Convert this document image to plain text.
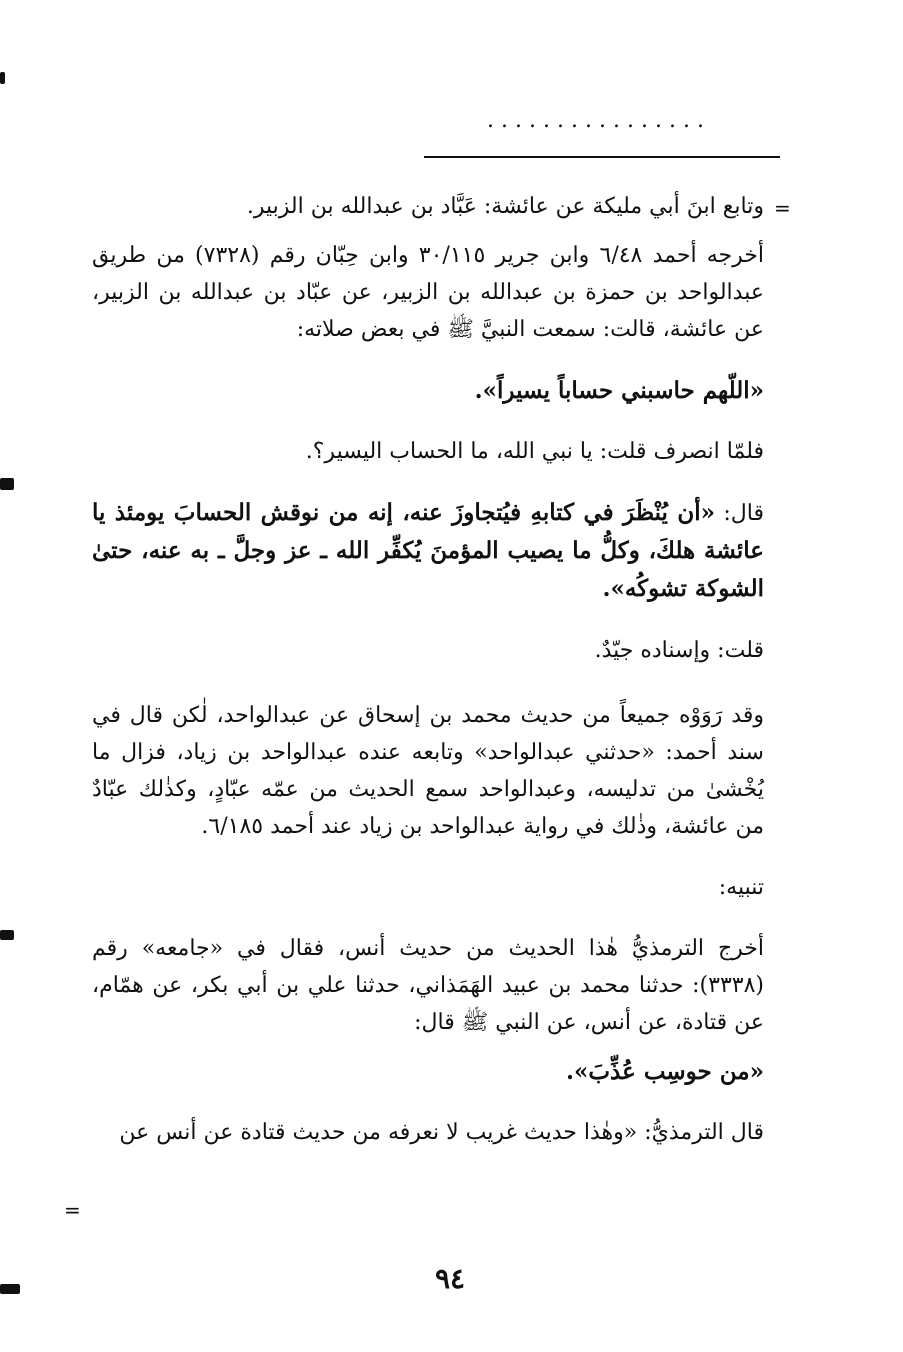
................
=
=

وتابع ابنَ أبي مليكة عن عائشة: عَبَّاد بن عبدالله بن الزبير.

أخرجه أحمد ٦/٤٨ وابن جرير ٣٠/١١٥ وابن حِبّان رقم (٧٣٢٨) من طريق عبدالواحد بن حمزة بن عبدالله بن الزبير، عن عبّاد بن عبدالله بن الزبير، عن عائشة، قالت: سمعت النبيَّ ﷺ في بعض صلاته:

«اللّهم حاسبني حساباً يسيراً».

فلمّا انصرف قلت: يا نبي الله، ما الحساب اليسير؟.

قال: «أن يُنْظَرَ في كتابهِ فيُتجاوزَ عنه، إنه من نوقش الحسابَ يومئذ يا عائشة هلكَ، وكلُّ ما يصيب المؤمنَ يُكفِّر الله ـ عز وجلَّ ـ به عنه، حتىٰ الشوكة تشوكُه».

قلت: وإسناده جيّدٌ.

وقد رَوَوْه جميعاً من حديث محمد بن إسحاق عن عبدالواحد، لٰكن قال في سند أحمد: «حدثني عبدالواحد» وتابعه عنده عبدالواحد بن زياد، فزال ما يُخْشىٰ من تدليسه، وعبدالواحد سمع الحديث من عمّه عبّادٍ، وكذٰلك عبّادٌ من عائشة، وذٰلك في رواية عبدالواحد بن زياد عند أحمد ٦/١٨٥.

تنبيه:

أخرج الترمذيُّ هٰذا الحديث من حديث أنس، فقال في «جامعه» رقم (٣٣٣٨): حدثنا محمد بن عبيد الهَمَذاني، حدثنا علي بن أبي بكر، عن همّام، عن قتادة، عن أنس، عن النبي ﷺ قال:

«من حوسِب عُذِّبَ».

قال الترمذيُّ: «وهٰذا حديث غريب لا نعرفه من حديث قتادة عن أنس عن

٩٤
